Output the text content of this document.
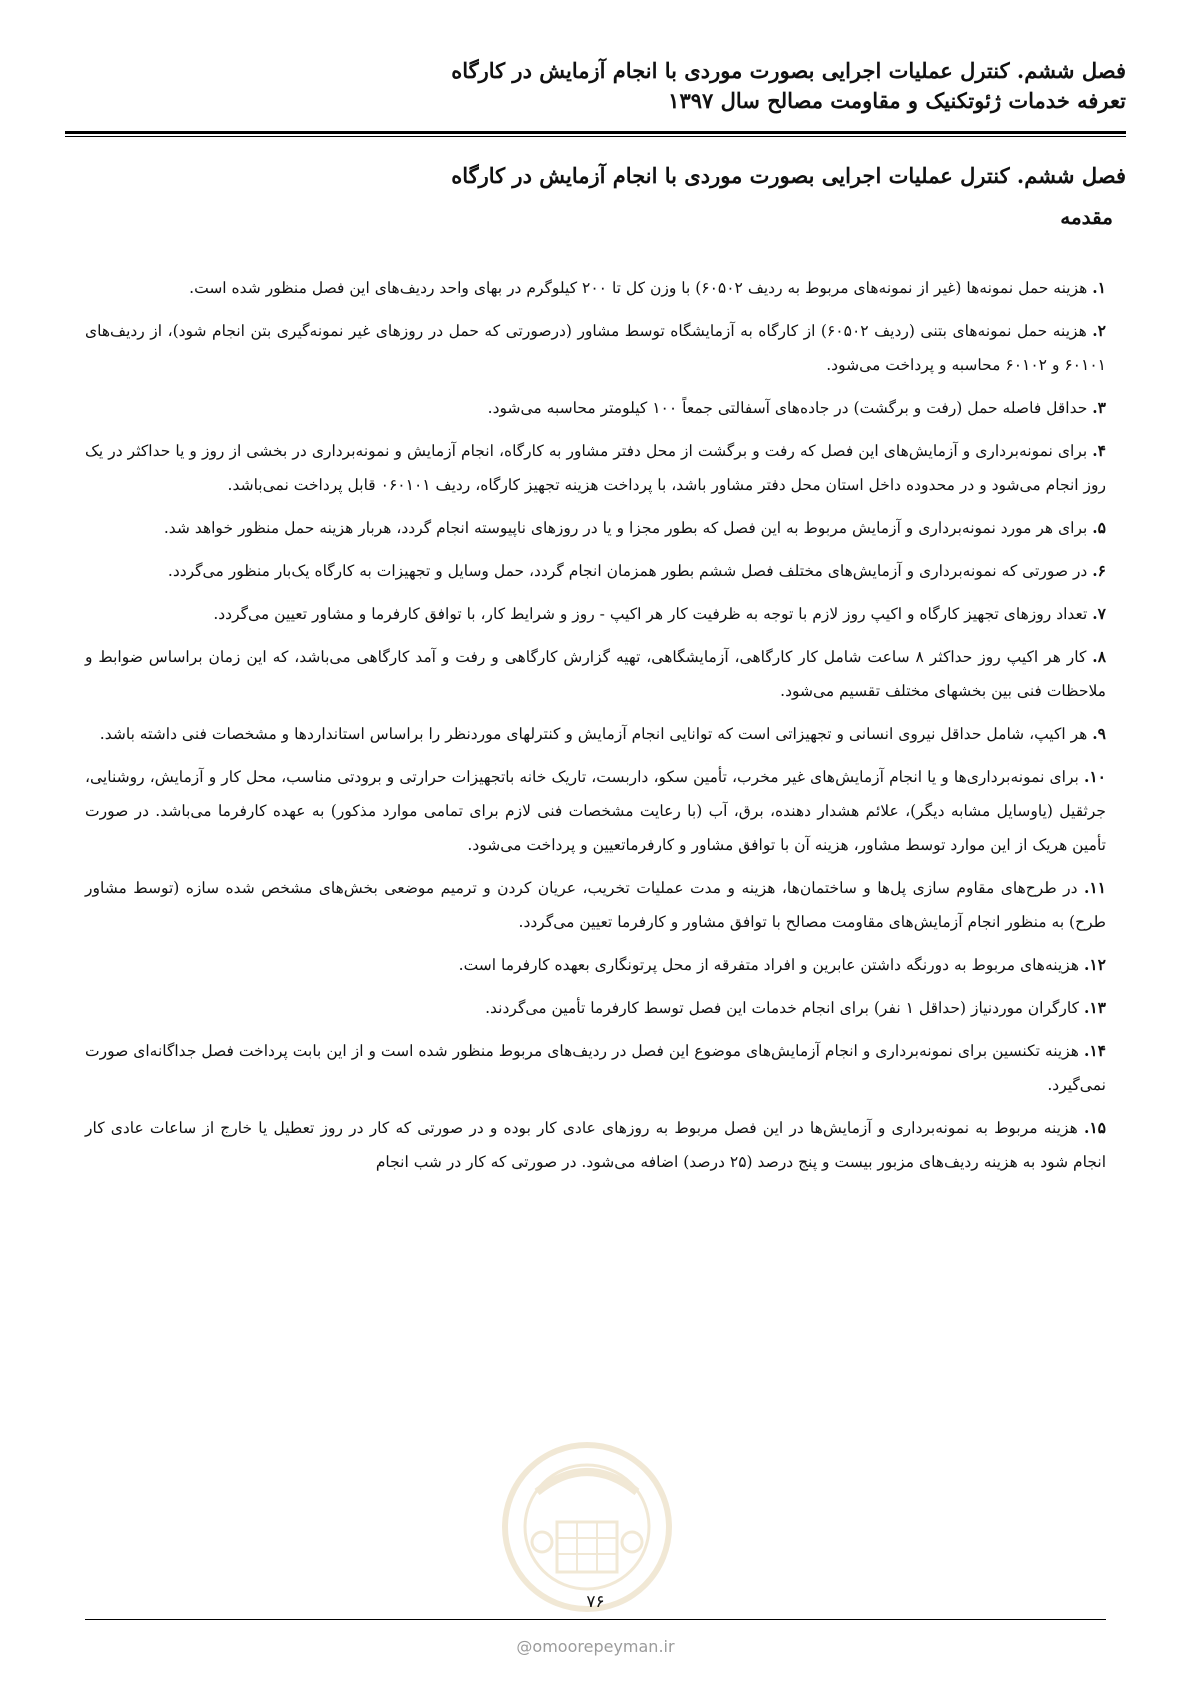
فصل ششم. کنترل عملیات اجرایی بصورت موردی با انجام آزمایش در کارگاه
تعرفه خدمات ژئوتکنیک و مقاومت مصالح سال ۱۳۹۷
فصل ششم. کنترل عملیات اجرایی بصورت موردی با انجام آزمایش در کارگاه
مقدمه

۱. هزینه حمل نمونه‌ها (غیر از نمونه‌های مربوط به ردیف ۶۰۵۰۲) با وزن کل تا ۲۰۰ کیلوگرم در بهای واحد ردیف‌های این فصل منظور شده است.

۲. هزینه حمل نمونه‌های بتنی (ردیف ۶۰۵۰۲) از کارگاه به آزمایشگاه توسط مشاور (درصورتی که حمل در روزهای غیر نمونه‌گیری بتن انجام شود)، از ردیف‌های ۶۰۱۰۱ و ۶۰۱۰۲ محاسبه و پرداخت می‌شود.

۳. حداقل فاصله حمل (رفت و برگشت) در جاده‌های آسفالتی جمعاً ۱۰۰ کیلومتر محاسبه می‌شود.

۴. برای نمونه‌برداری و آزمایش‌های این فصل که رفت و برگشت از محل دفتر مشاور به کارگاه، انجام آزمایش و نمونه‌برداری در بخشی از روز و یا حداکثر در یک روز انجام می‌شود و در محدوده داخل استان محل دفتر مشاور باشد، با پرداخت هزینه تجهیز کارگاه، ردیف ۰۶۰۱۰۱ قابل پرداخت نمی‌باشد.

۵. برای هر مورد نمونه‌برداری و آزمایش مربوط به این فصل که بطور مجزا و یا در روزهای ناپیوسته انجام گردد، هربار هزینه حمل منظور خواهد شد.

۶. در صورتی که نمونه‌برداری و آزمایش‌های مختلف فصل ششم بطور همزمان انجام گردد، حمل وسایل و تجهیزات به کارگاه یک‌بار منظور می‌گردد.

۷. تعداد روزهای تجهیز کارگاه و اکیپ روز لازم با توجه به ظرفیت کار هر اکیپ - روز و شرایط کار، با توافق کارفرما و مشاور تعیین می‌گردد.

۸. کار هر اکیپ روز حداکثر ۸ ساعت شامل کار کارگاهی، آزمایشگاهی، تهیه گزارش کارگاهی و رفت و آمد کارگاهی می‌باشد، که این زمان براساس ضوابط و ملاحظات فنی بین بخشهای مختلف تقسیم می‌شود.

۹. هر اکیپ، شامل حداقل نیروی انسانی و تجهیزاتی است که توانایی انجام آزمایش و کنترلهای موردنظر را براساس استانداردها و مشخصات فنی داشته باشد.

۱۰. برای نمونه‌برداری‌ها و یا انجام آزمایش‌های غیر مخرب، تأمین سکو، داربست، تاریک خانه باتجهیزات حرارتی و برودتی مناسب، محل کار و آزمایش، روشنایی، جرثقیل (یاوسایل مشابه دیگر)، علائم هشدار دهنده، برق، آب (با رعایت مشخصات فنی لازم برای تمامی موارد مذکور) به عهده کارفرما می‌باشد. در صورت تأمین هریک از این موارد توسط مشاور، هزینه آن با توافق مشاور و کارفرماتعیین و پرداخت می‌شود.

۱۱. در طرح‌های مقاوم سازی پل‌ها و ساختمان‌ها، هزینه و مدت عملیات تخریب، عریان کردن و ترمیم موضعی بخش‌های مشخص شده سازه (توسط مشاور طرح) به منظور انجام آزمایش‌های مقاومت مصالح با توافق مشاور و کارفرما تعیین می‌گردد.

۱۲. هزینه‌های مربوط به دورنگه داشتن عابرین و افراد متفرقه از محل پرتونگاری بعهده کارفرما است.

۱۳. کارگران موردنیاز (حداقل ۱ نفر) برای انجام خدمات این فصل توسط کارفرما تأمین می‌گردند.

۱۴. هزینه تکنسین برای نمونه‌برداری و انجام آزمایش‌های موضوع این فصل در ردیف‌های مربوط منظور شده است و از این بابت پرداخت فصل جداگانه‌ای صورت نمی‌گیرد.

۱۵. هزینه مربوط به نمونه‌برداری و آزمایش‌ها در این فصل مربوط به روزهای عادی کار بوده و در صورتی که کار در روز تعطیل یا خارج از ساعات عادی کار انجام شود به هزینه ردیف‌های مزبور بیست و پنج درصد (۲۵ درصد) اضافه می‌شود. در صورتی که کار در شب انجام

۷۶
@omoorepeyman.ir
